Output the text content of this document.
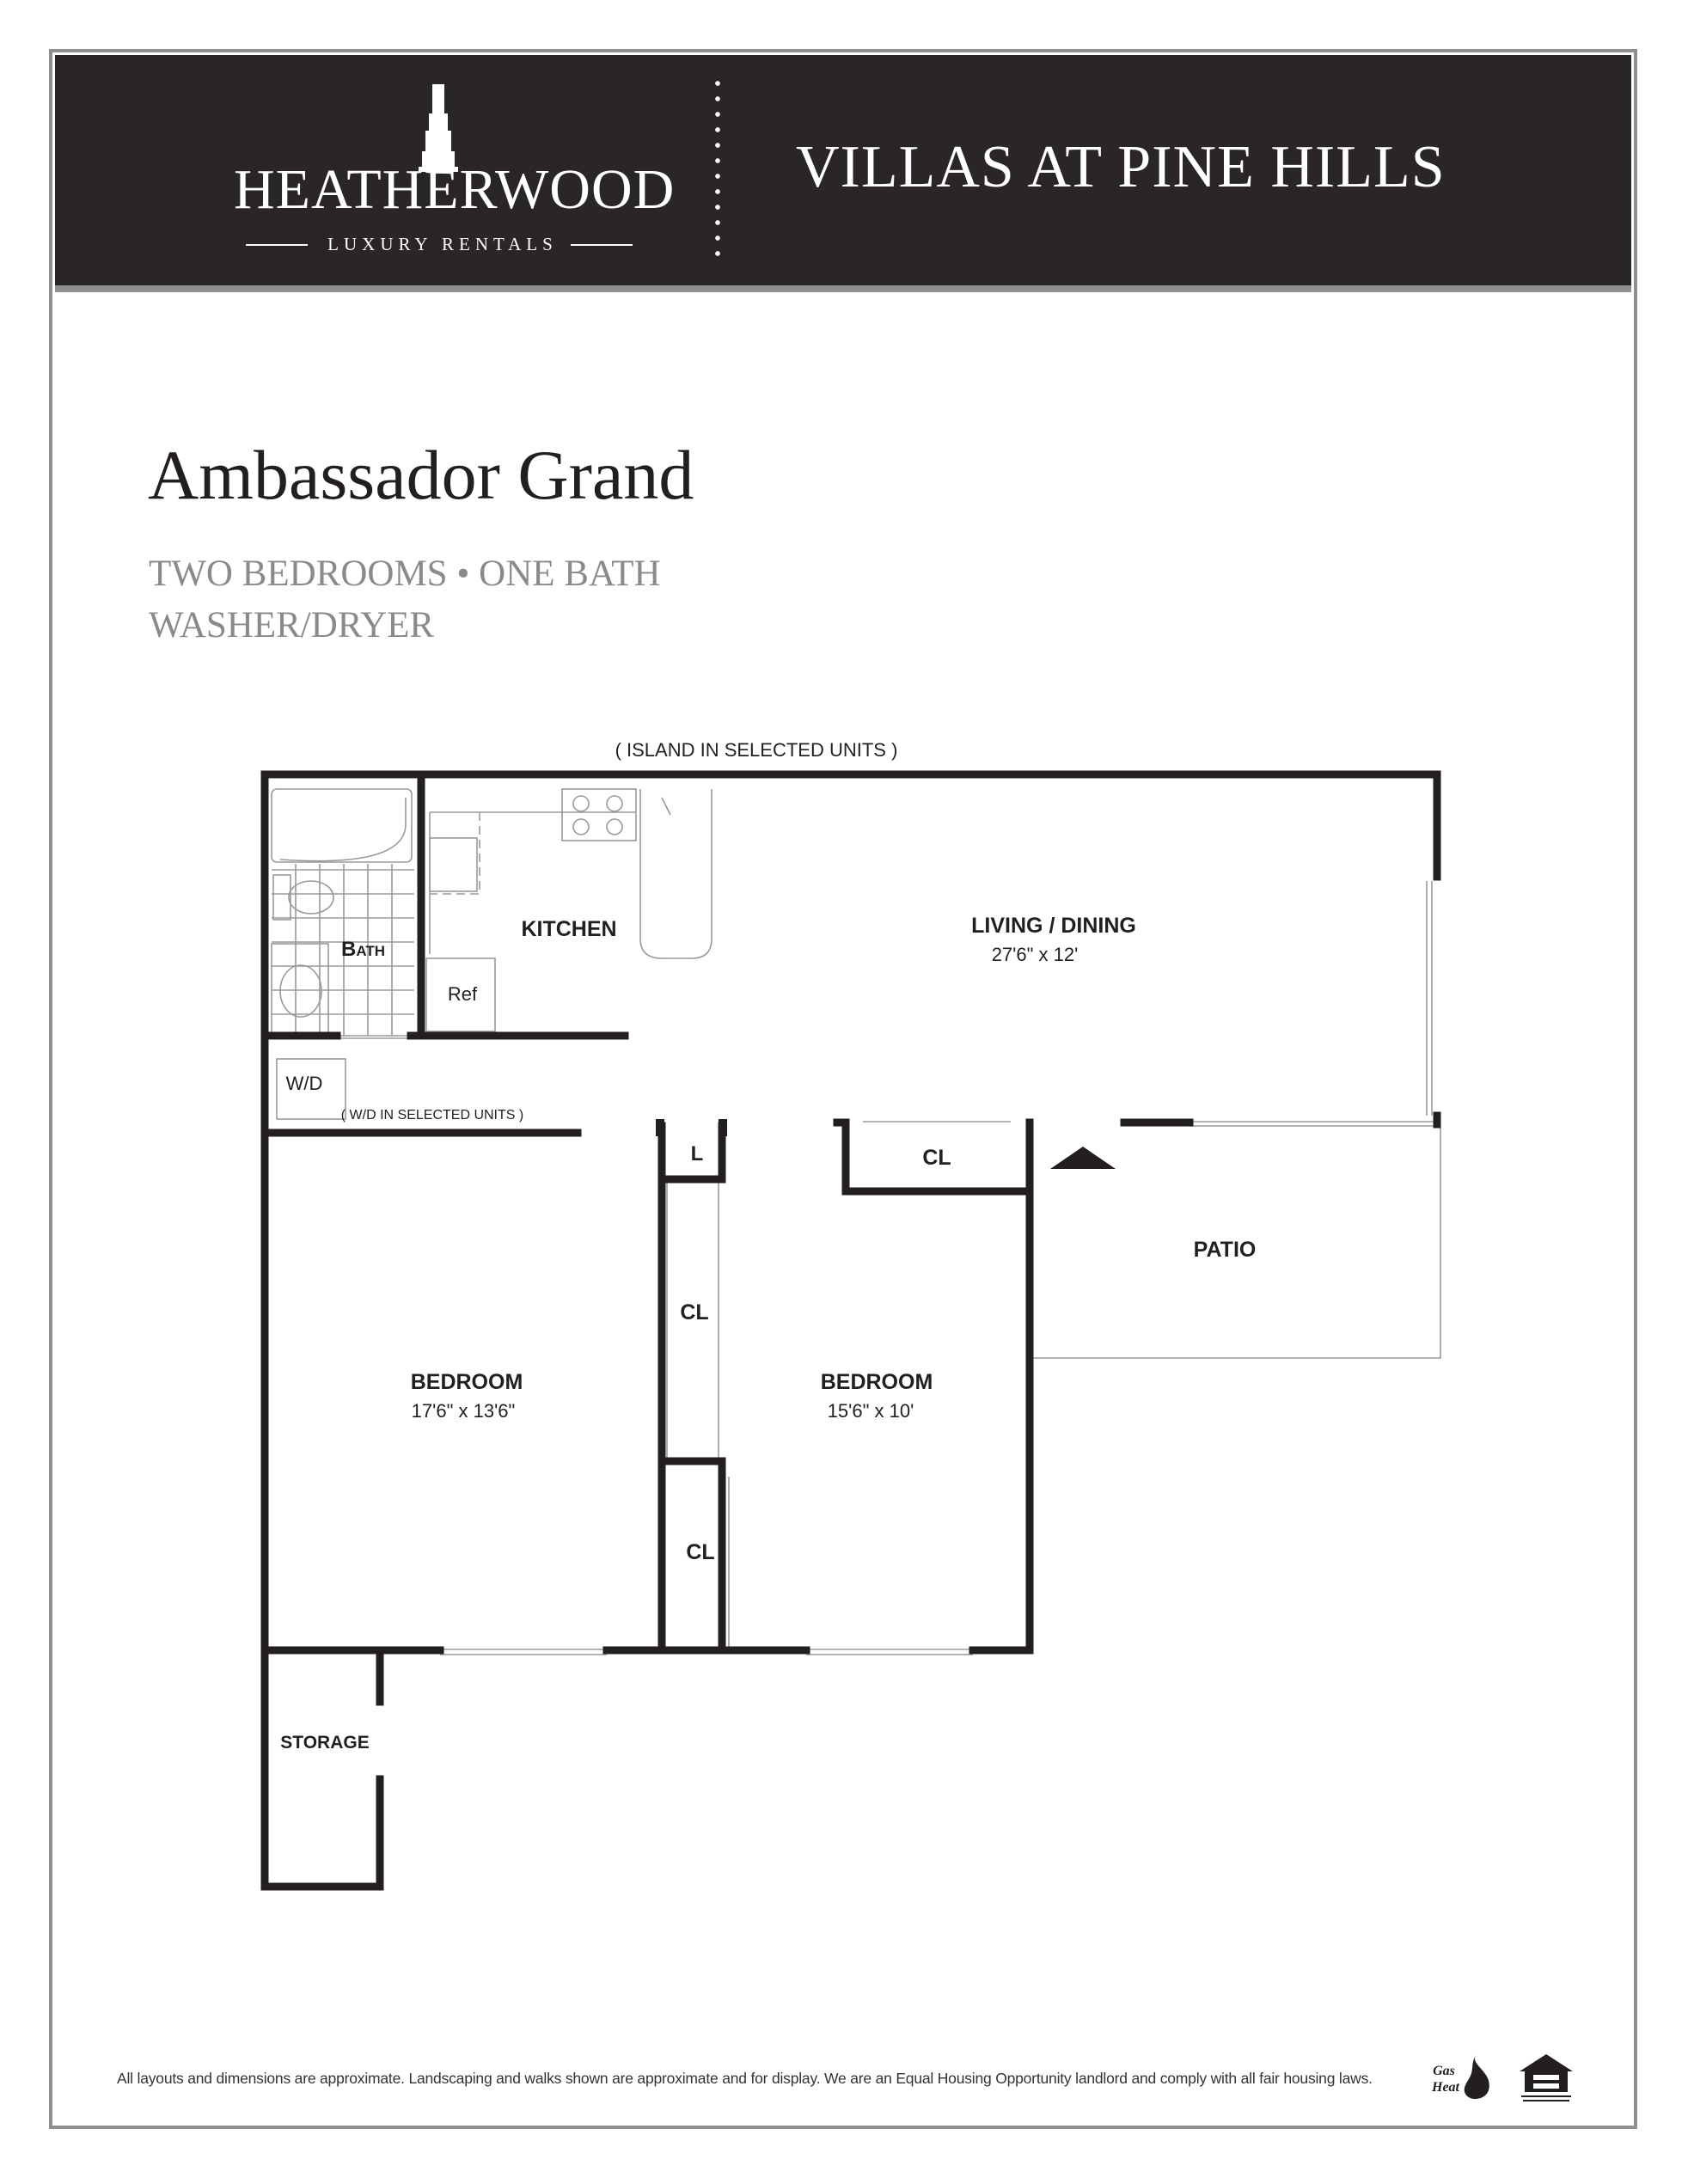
HEATHERWOOD
LUXURY RENTALS
VILLAS AT PINE HILLS
Ambassador Grand
TWO BEDROOMS • ONE BATH
WASHER/DRYER
( ISLAND IN SELECTED UNITS )
Bath
KITCHEN
Ref
LIVING / DINING
27'6" x 12'
W/D
( W/D IN SELECTED UNITS )
L	CL
PATIO
CL
BEDROOM
17'6" x 13'6"
BEDROOM
15'6" x 10'
CL
STORAGE
All layouts and dimensions are approximate. Landscaping and walks shown are approximate and for display. We are an Equal Housing Opportunity landlord and comply with all fair housing laws.	Gas
Heat
